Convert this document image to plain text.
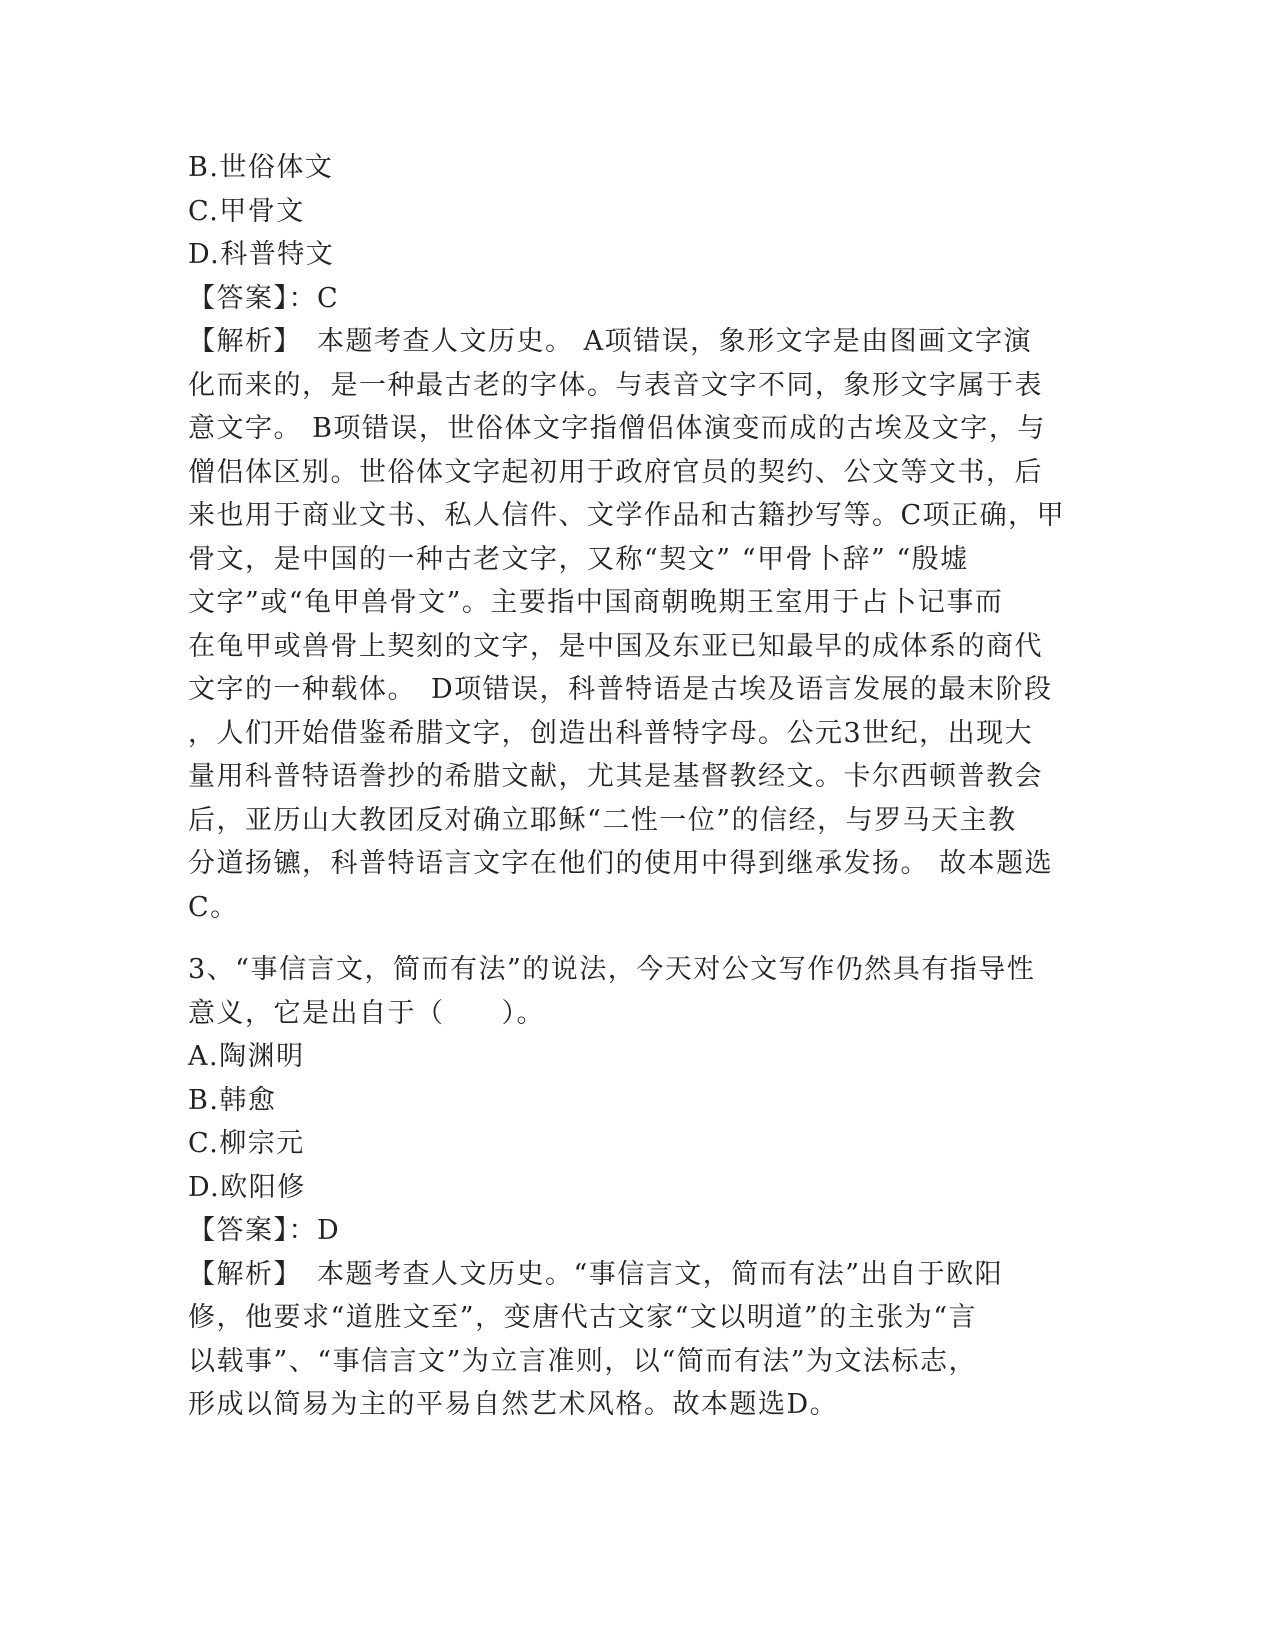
B.世俗体文
C.甲骨文
D.科普特文
【答案】：C
【解析】　本题考查人文历史。 A项错误，象形文字是由图画文字演
化而来的，是一种最古老的字体。与表音文字不同，象形文字属于表
意文字。 B项错误，世俗体文字指僧侣体演变而成的古埃及文字，与
僧侣体区别。世俗体文字起初用于政府官员的契约、公文等文书，后
来也用于商业文书、私人信件、文学作品和古籍抄写等。C项正确，甲
骨文，是中国的一种古老文字，又称“契文” “甲骨卜辞” “殷墟
文字”或“龟甲兽骨文”。主要指中国商朝晚期王室用于占卜记事而
在龟甲或兽骨上契刻的文字，是中国及东亚已知最早的成体系的商代
文字的一种载体。　D项错误，科普特语是古埃及语言发展的最末阶段
，人们开始借鉴希腊文字，创造出科普特字母。公元3世纪，出现大
量用科普特语誊抄的希腊文献，尤其是基督教经文。卡尔西顿普教会
后，亚历山大教团反对确立耶稣“二性一位”的信经，与罗马天主教
分道扬镳，科普特语言文字在他们的使用中得到继承发扬。 故本题选
C。
3、“事信言文，简而有法”的说法，今天对公文写作仍然具有指导性
意义，它是出自于（　　）。
A.陶渊明
B.韩愈
C.柳宗元
D.欧阳修
【答案】：D
【解析】　本题考查人文历史。“事信言文，简而有法”出自于欧阳
修，他要求“道胜文至”，变唐代古文家“文以明道”的主张为“言
以载事”、“事信言文”为立言准则，以“简而有法”为文法标志，
形成以简易为主的平易自然艺术风格。故本题选D。
